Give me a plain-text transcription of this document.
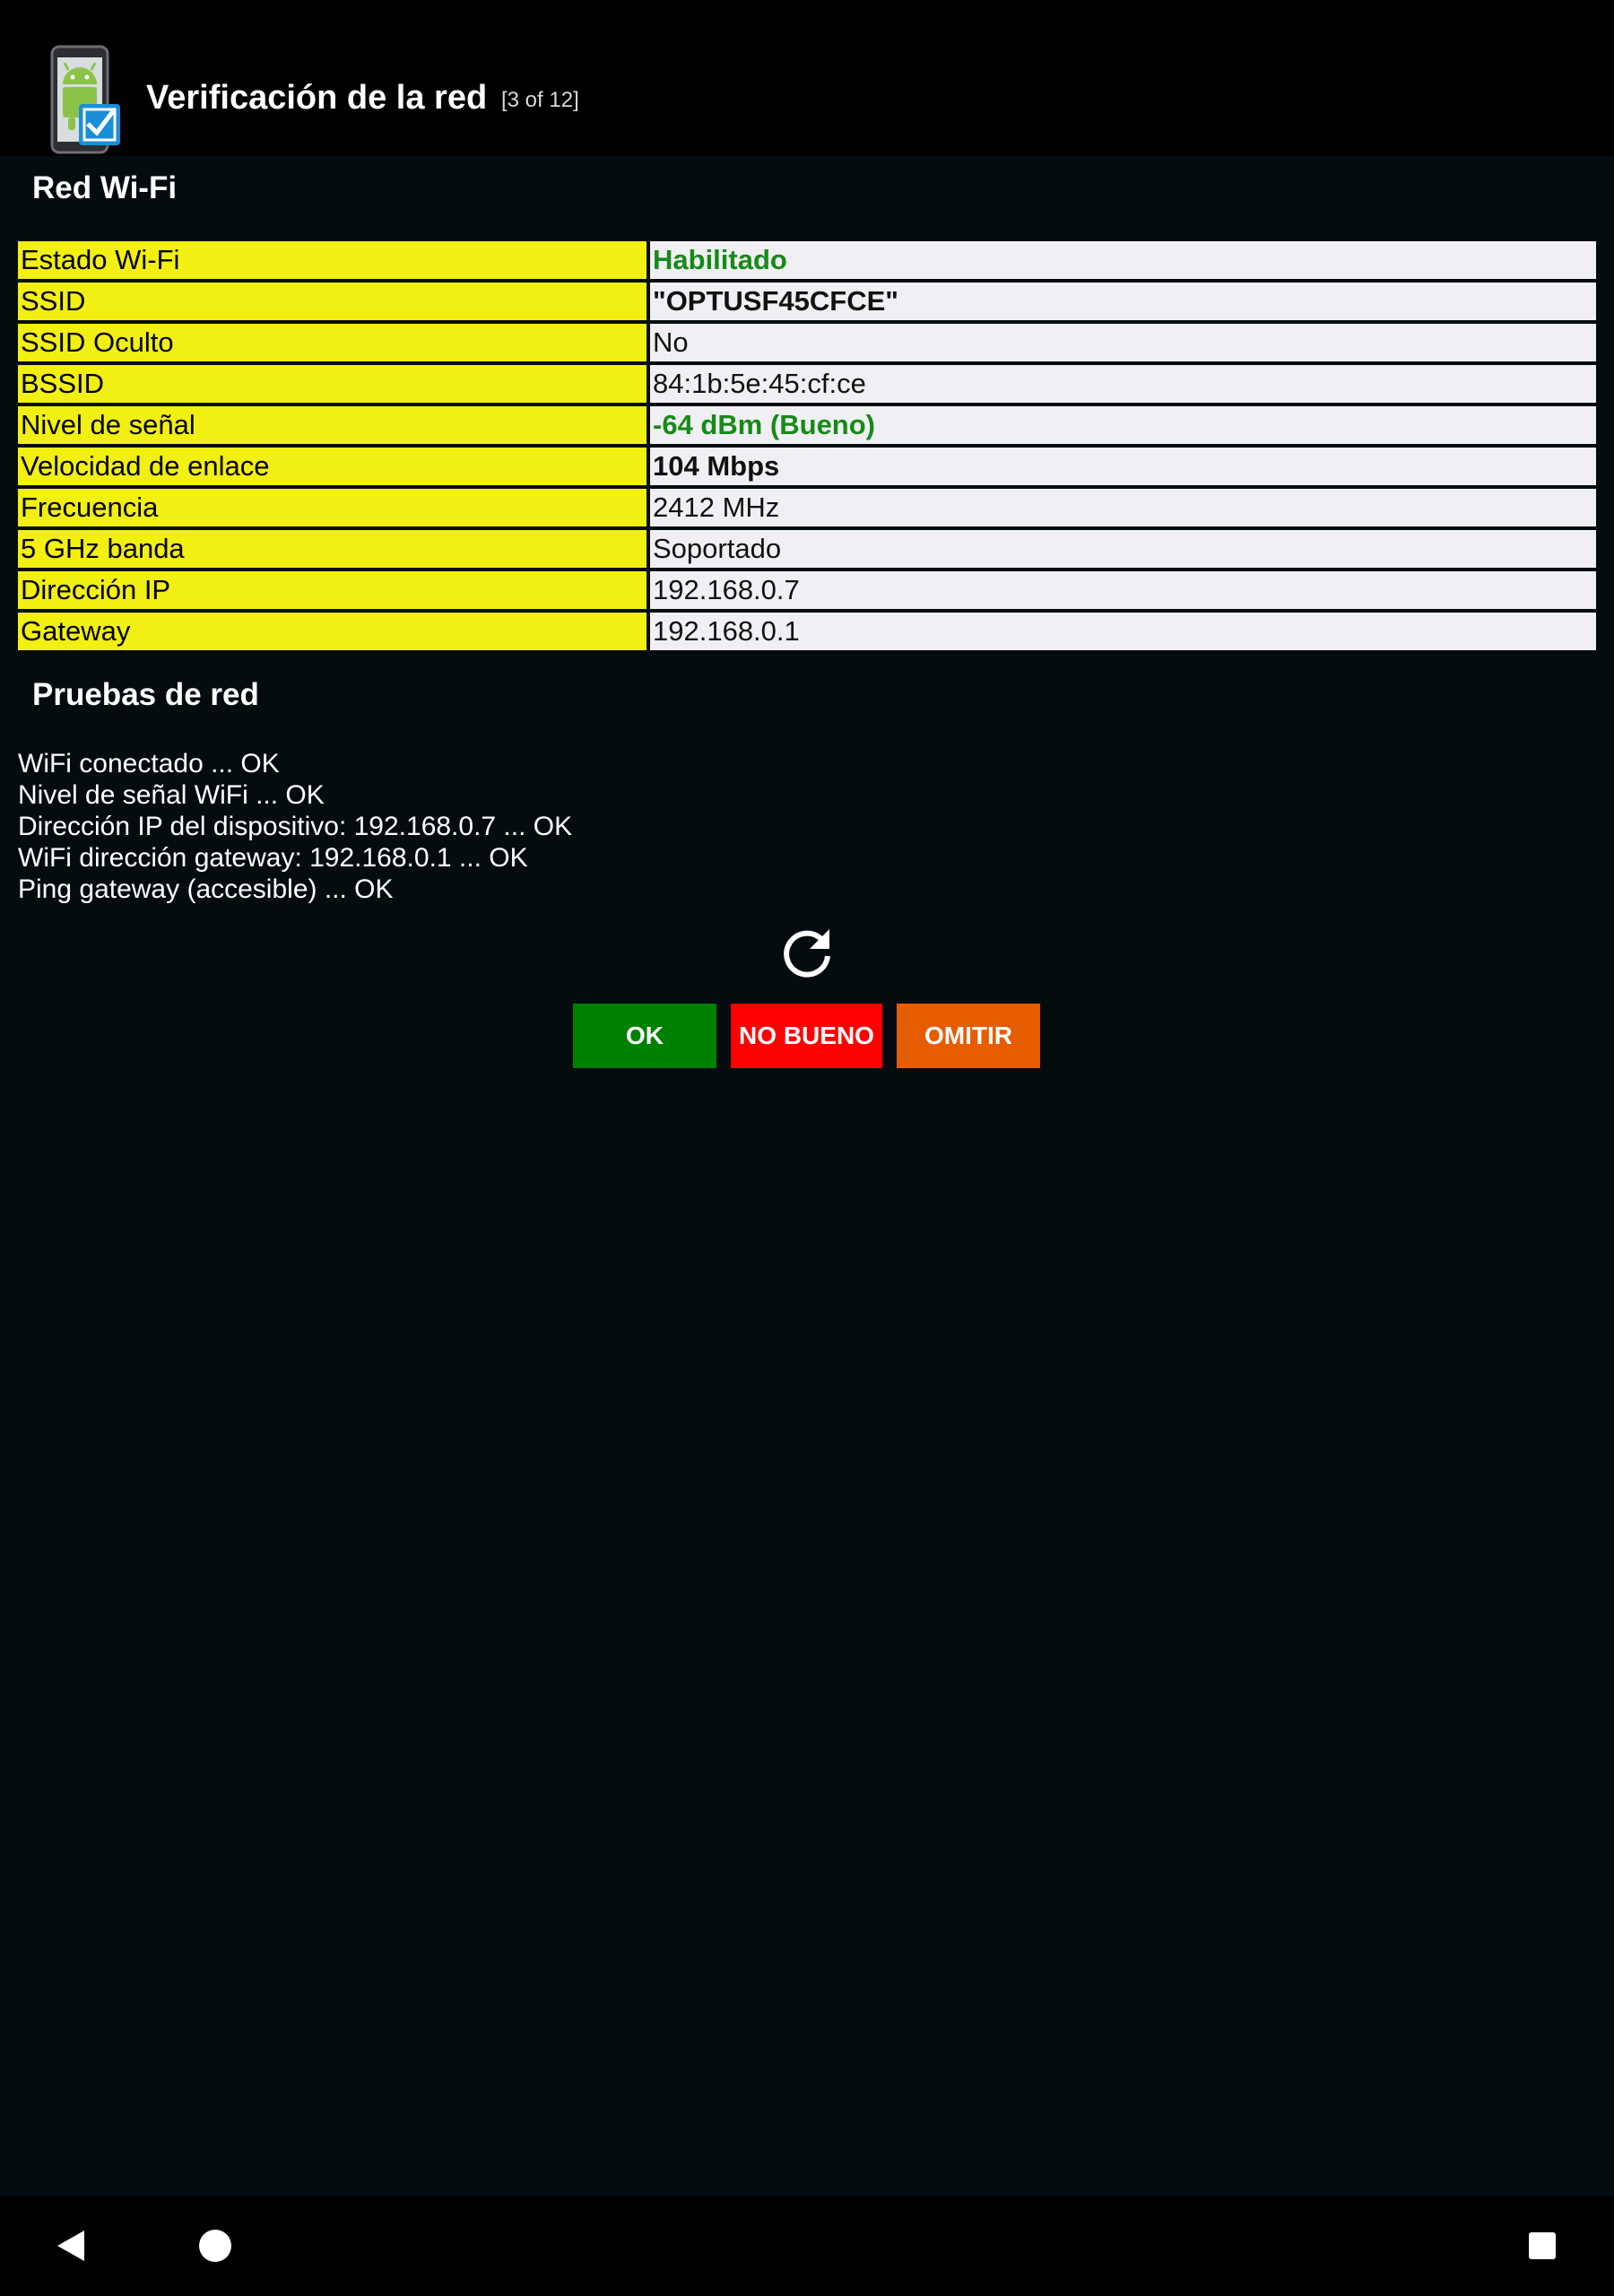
Verificación de la red [3 of 12]
Red Wi-Fi
Estado Wi-Fi	Habilitado
SSID	"OPTUSF45CFCE"
SSID Oculto	No
BSSID	84:1b:5e:45:cf:ce
Nivel de señal	-64 dBm (Bueno)
Velocidad de enlace	104 Mbps
Frecuencia	2412 MHz
5 GHz banda	Soportado
Dirección IP	192.168.0.7
Gateway	192.168.0.1
Pruebas de red
WiFi conectado ... OK
Nivel de señal WiFi ... OK
Dirección IP del dispositivo: 192.168.0.7 ... OK
WiFi dirección gateway: 192.168.0.1 ... OK
Ping gateway (accesible) ... OK
OK	NO BUENO	OMITIR
